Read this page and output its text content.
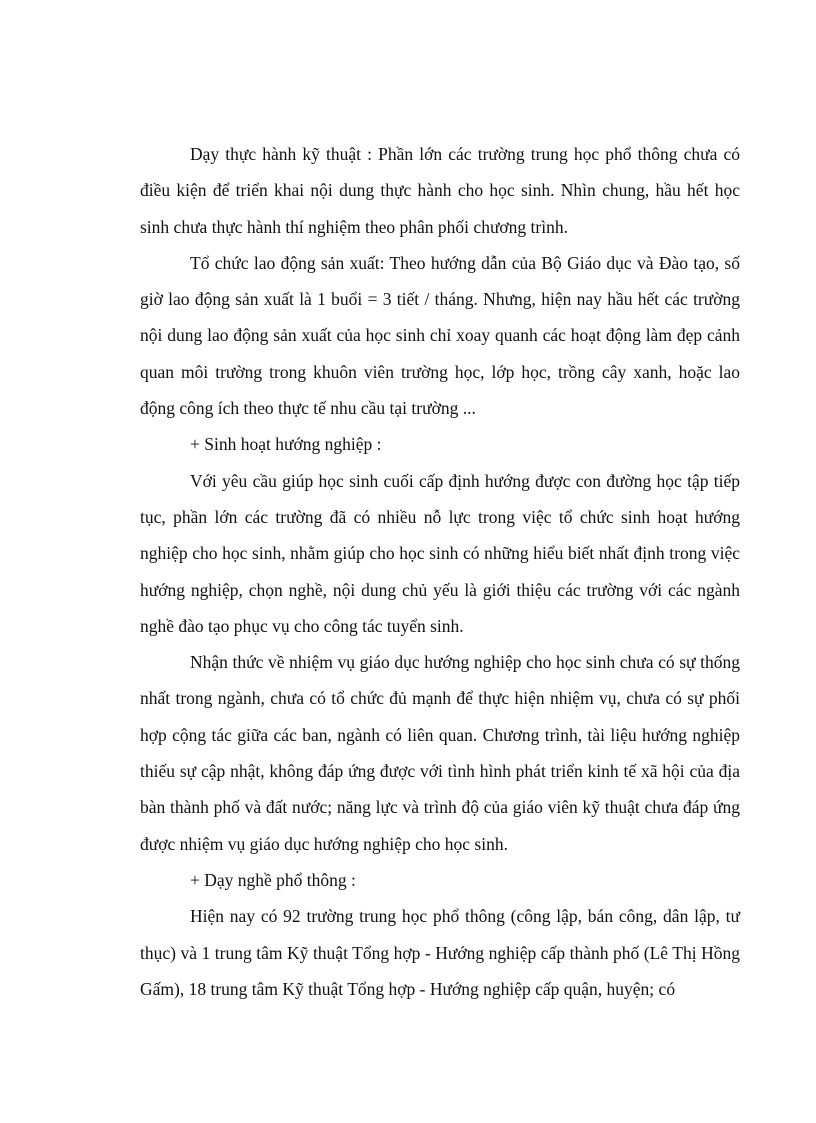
Dạy thực hành kỹ thuật : Phần lớn các trường trung học phổ thông chưa có điều kiện để triển khai nội dung thực hành cho học sinh. Nhìn chung, hầu hết học sinh chưa thực hành thí nghiệm theo phân phối chương trình.

Tổ chức lao động sản xuất: Theo hướng dẫn của Bộ Giáo dục và Đào tạo, số giờ lao động sản xuất là 1 buổi = 3 tiết / tháng. Nhưng, hiện nay hầu hết các trường nội dung lao động sản xuất của học sinh chỉ xoay quanh các hoạt động làm đẹp cảnh quan môi trường trong khuôn viên trường học, lớp học, trồng cây xanh, hoặc lao động công ích theo thực tế nhu cầu tại trường ...

+ Sinh hoạt hướng nghiệp :

Với yêu cầu giúp học sinh cuối cấp định hướng được con đường học tập tiếp tục, phần lớn các trường đã có nhiều nỗ lực trong việc tổ chức sinh hoạt hướng nghiệp cho học sinh, nhằm giúp cho học sinh có những hiểu biết nhất định trong việc hướng nghiệp, chọn nghề, nội dung chủ yếu là giới thiệu các trường với các ngành nghề đào tạo phục vụ cho công tác tuyển sinh.

Nhận thức về nhiệm vụ giáo dục hướng nghiệp cho học sinh chưa có sự thống nhất trong ngành, chưa có tổ chức đủ mạnh để thực hiện nhiệm vụ, chưa có sự phối hợp cộng tác giữa các ban, ngành có liên quan. Chương trình, tài liệu hướng nghiệp thiếu sự cập nhật, không đáp ứng được với tình hình phát triển kinh tế xã hội của địa bàn thành phố và đất nước; năng lực và trình độ của giáo viên kỹ thuật chưa đáp ứng được nhiệm vụ giáo dục hướng nghiệp cho học sinh.

+ Dạy nghề phổ thông :

Hiện nay có 92 trường trung học phổ thông (công lập, bán công, dân lập, tư thục) và 1 trung tâm Kỹ thuật Tổng hợp - Hướng nghiệp cấp thành phố (Lê Thị Hồng Gấm), 18 trung tâm Kỹ thuật Tổng hợp - Hướng nghiệp cấp quận, huyện; có
